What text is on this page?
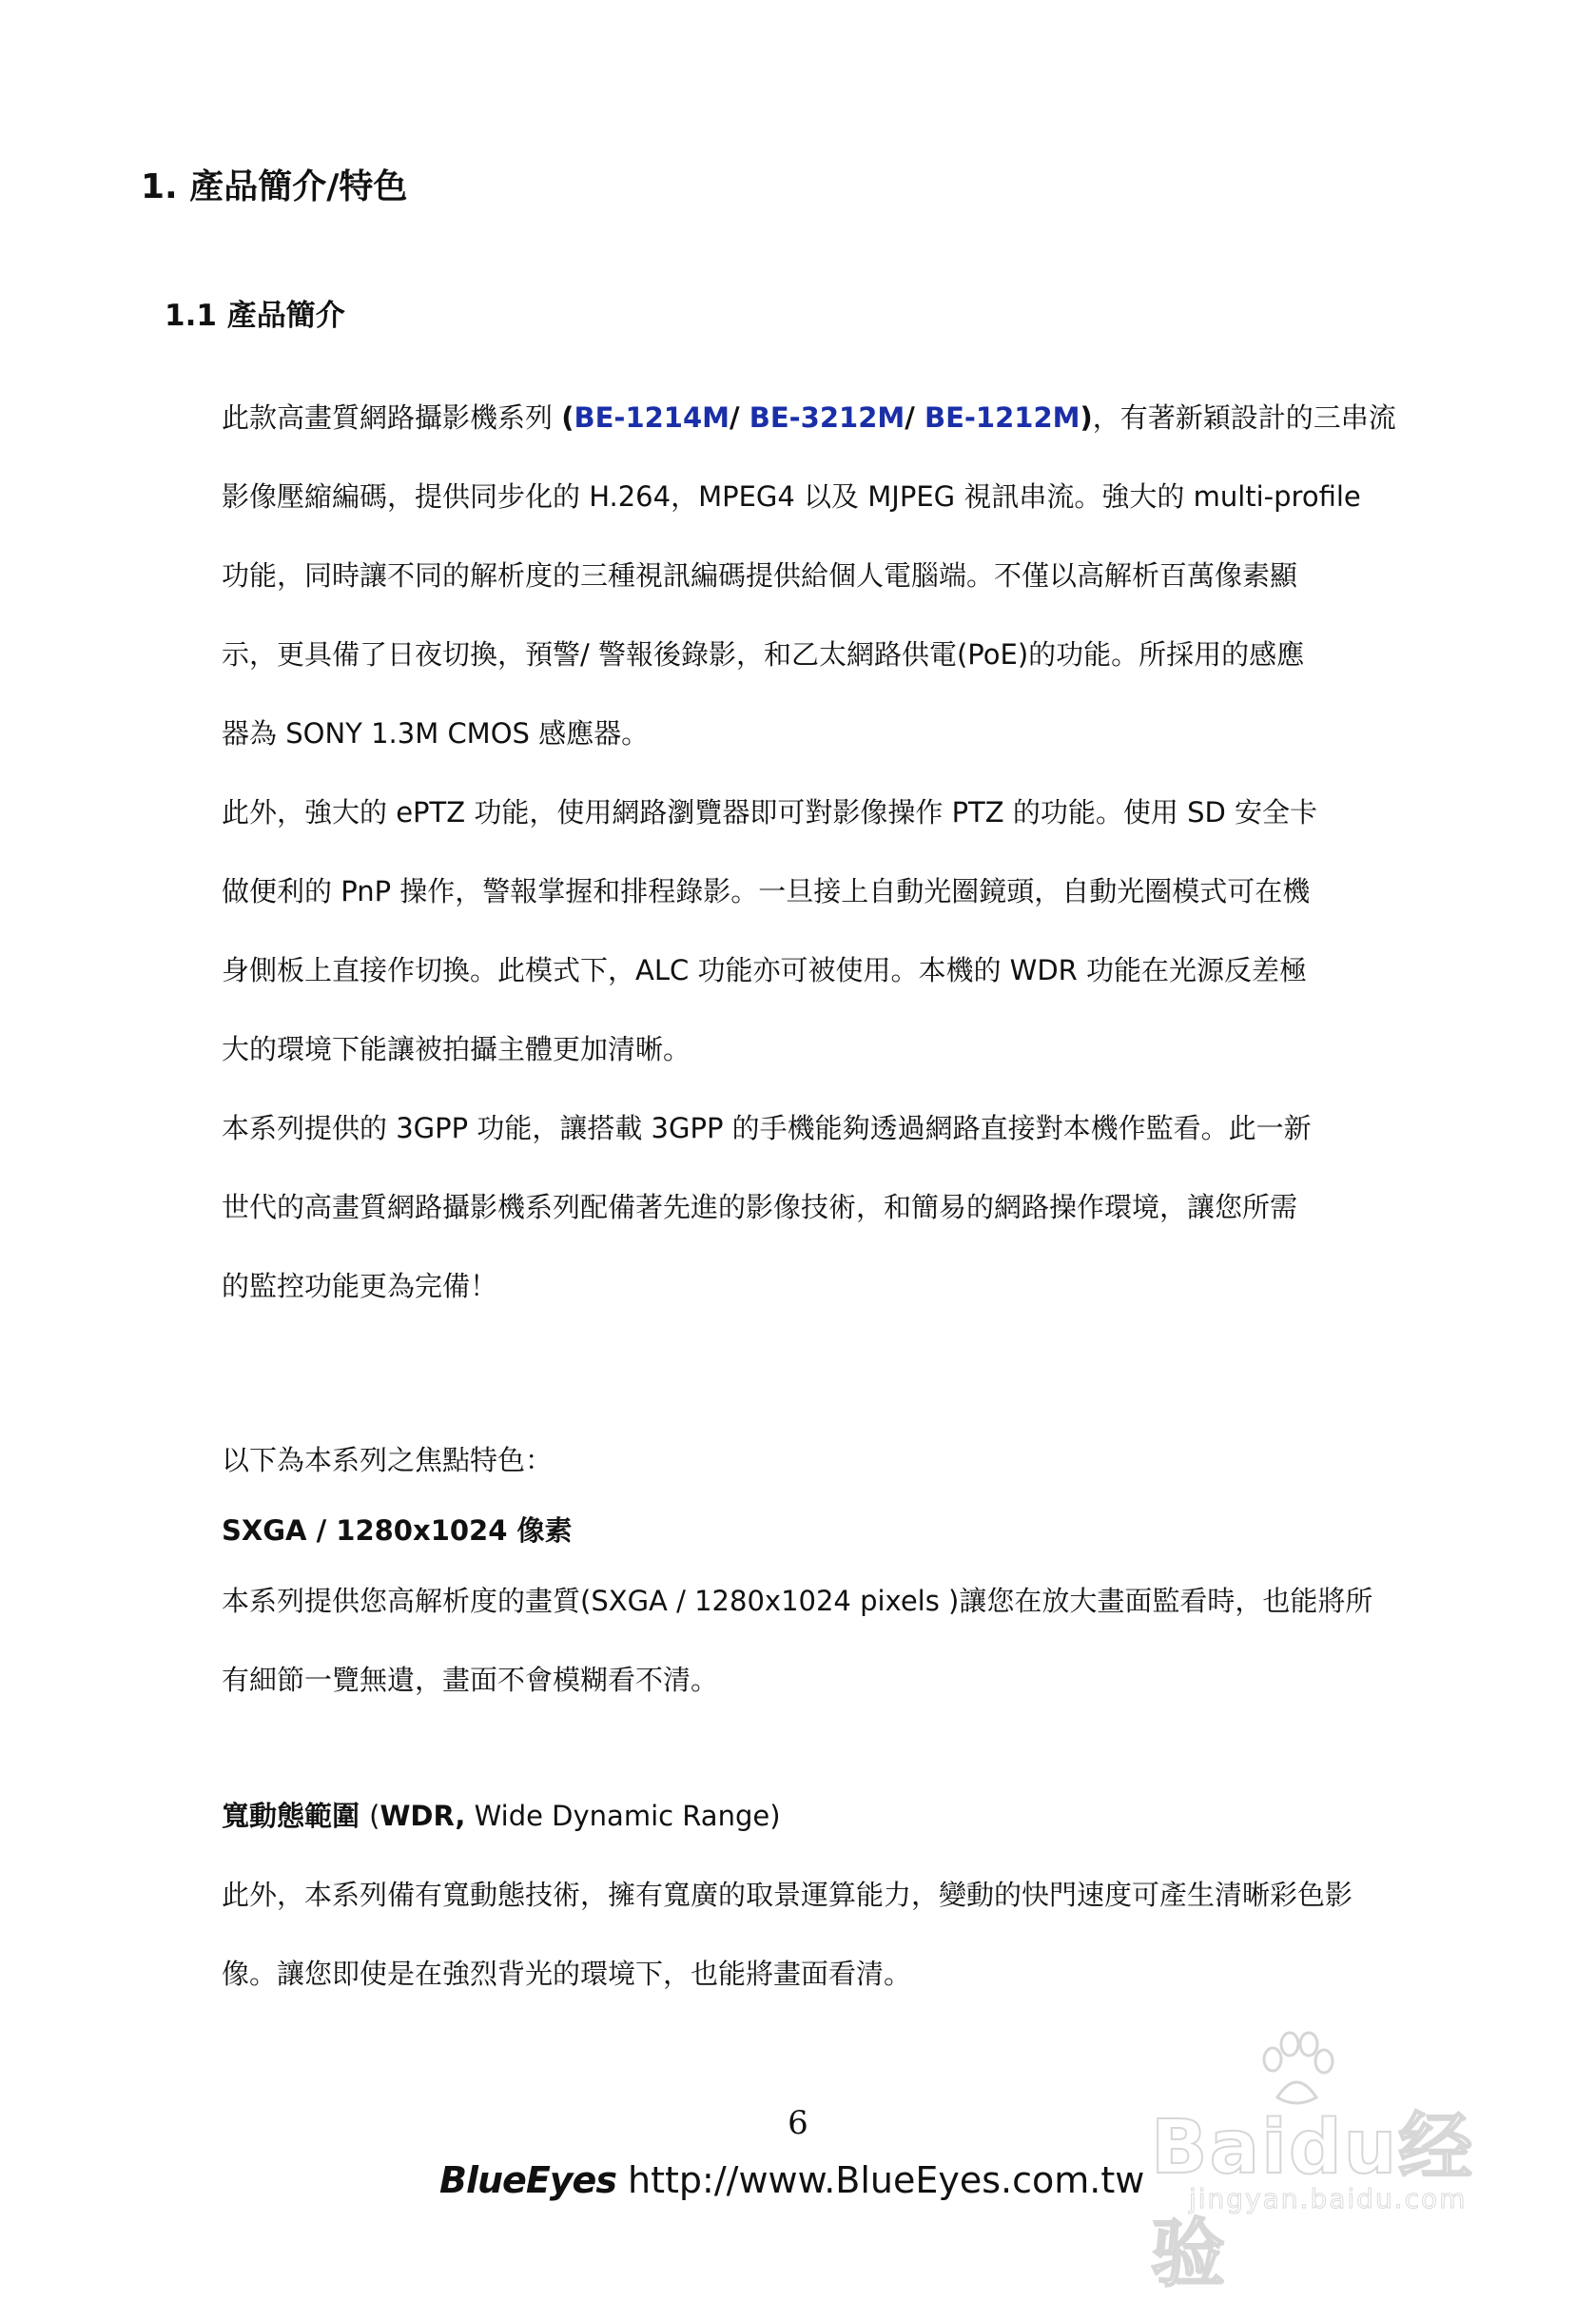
1. 產品簡介/特色
1.1 產品簡介
此款高畫質網路攝影機系列 (BE-1214M/ BE-3212M/ BE-1212M)，有著新穎設計的三串流
影像壓縮編碼，提供同步化的 H.264，MPEG4 以及 MJPEG 視訊串流。強大的 multi-profile
功能，同時讓不同的解析度的三種視訊編碼提供給個人電腦端。不僅以高解析百萬像素顯
示，更具備了日夜切換，預警/ 警報後錄影，和乙太網路供電(PoE)的功能。所採用的感應
器為 SONY 1.3M CMOS 感應器。
此外，強大的 ePTZ 功能，使用網路瀏覽器即可對影像操作 PTZ 的功能。使用 SD 安全卡
做便利的 PnP 操作，警報掌握和排程錄影。一旦接上自動光圈鏡頭，自動光圈模式可在機
身側板上直接作切換。此模式下，ALC 功能亦可被使用。本機的 WDR 功能在光源反差極
大的環境下能讓被拍攝主體更加清晰。
本系列提供的 3GPP 功能，讓搭載 3GPP 的手機能夠透過網路直接對本機作監看。此一新
世代的高畫質網路攝影機系列配備著先進的影像技術，和簡易的網路操作環境，讓您所需
的監控功能更為完備！
以下為本系列之焦點特色：
SXGA / 1280x1024 像素
本系列提供您高解析度的畫質(SXGA / 1280x1024 pixels )讓您在放大畫面監看時，也能將所
有細節一覽無遺，畫面不會模糊看不清。
寬動態範圍 (WDR, Wide Dynamic Range)
此外，本系列備有寬動態技術，擁有寬廣的取景運算能力，變動的快門速度可產生清晰彩色影
像。讓您即使是在強烈背光的環境下，也能將畫面看清。
6
BlueEyes http://www.BlueEyes.com.tw Baidu经验
jingyan.baidu.com
